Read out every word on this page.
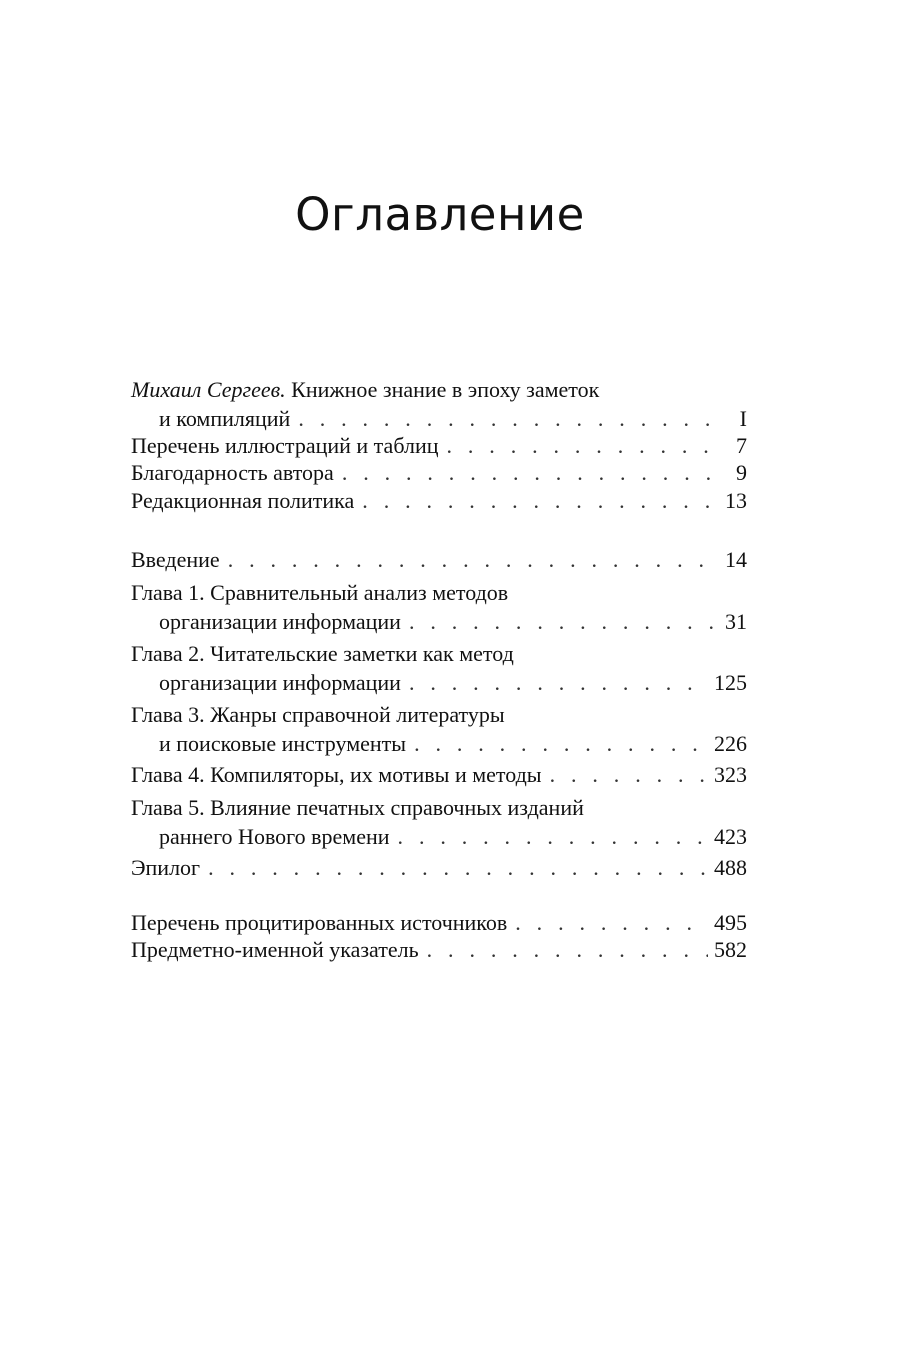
Оглавление
Михаил Сергеев.
Книжное знание в эпоху заметок
и компиляций . . .	I
Перечень иллюстраций и таблиц . . .	7
Благодарность автора . . .	9
Редакционная политика . . .	13
Введение . . .	14
Глава 1. Сравнительный анализ методов
организации информации . . .	31
Глава 2. Читательские заметки как метод
организации информации . . .	125
Глава 3. Жанры справочной литературы
и поисковые инструменты . . .	226
Глава 4. Компиляторы, их мотивы и методы . . .	323
Глава 5. Влияние печатных справочных изданий
раннего Нового времени . . .	423
Эпилог . . .	488
Перечень процитированных источников . . .	495
Предметно-именной указатель . . .	582
